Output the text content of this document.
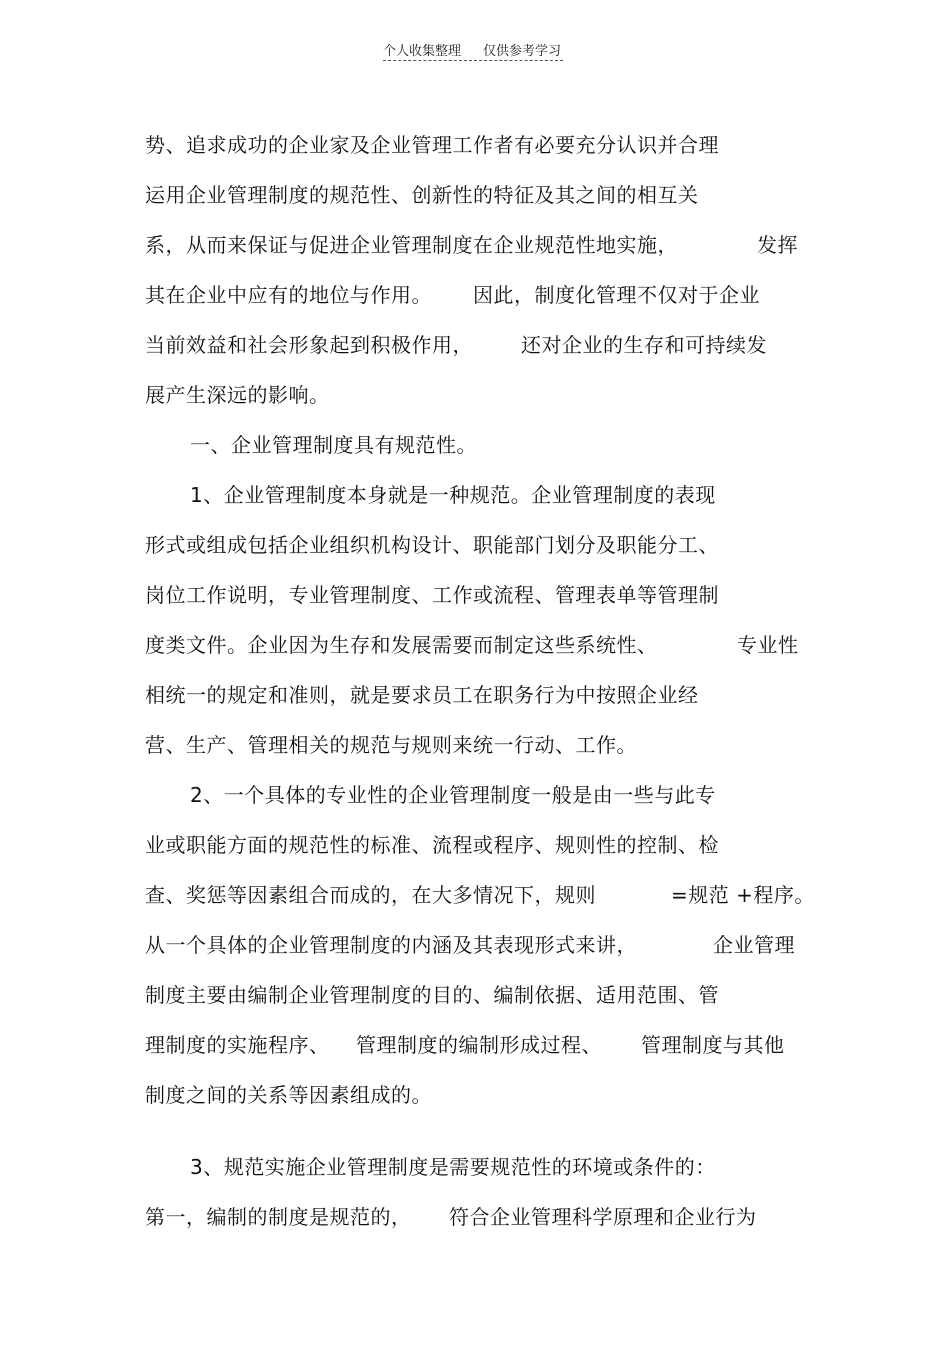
个人收集整理 仅供参考学习
势、追求成功的企业家及企业管理工作者有必要充分认识并合理
运用企业管理制度的规范性、创新性的特征及其之间的相互关
系，从而来保证与促进企业管理制度在企业规范性地实施，	发挥
其在企业中应有的地位与作用。 因此，制度化管理不仅对于企业
当前效益和社会形象起到积极作用， 还对企业的生存和可持续发
展产生深远的影响。
一、企业管理制度具有规范性。
1、企业管理制度本身就是一种规范。企业管理制度的表现
形式或组成包括企业组织机构设计、职能部门划分及职能分工、
岗位工作说明，专业管理制度、工作或流程、管理表单等管理制
度类文件。企业因为生存和发展需要而制定这些系统性、	专业性
相统一的规定和准则，就是要求员工在职务行为中按照企业经
营、生产、管理相关的规范与规则来统一行动、工作。
2、一个具体的专业性的企业管理制度一般是由一些与此专
业或职能方面的规范性的标准、流程或程序、规则性的控制、检
查、奖惩等因素组合而成的，在大多情况下，规则	=规范 +程序。
从一个具体的企业管理制度的内涵及其表现形式来讲，	企业管理
制度主要由编制企业管理制度的目的、编制依据、适用范围、管
理制度的实施程序、 管理制度的编制形成过程、 管理制度与其他
制度之间的关系等因素组成的。
3、规范实施企业管理制度是需要规范性的环境或条件的：
第一，编制的制度是规范的， 符合企业管理科学原理和企业行为
